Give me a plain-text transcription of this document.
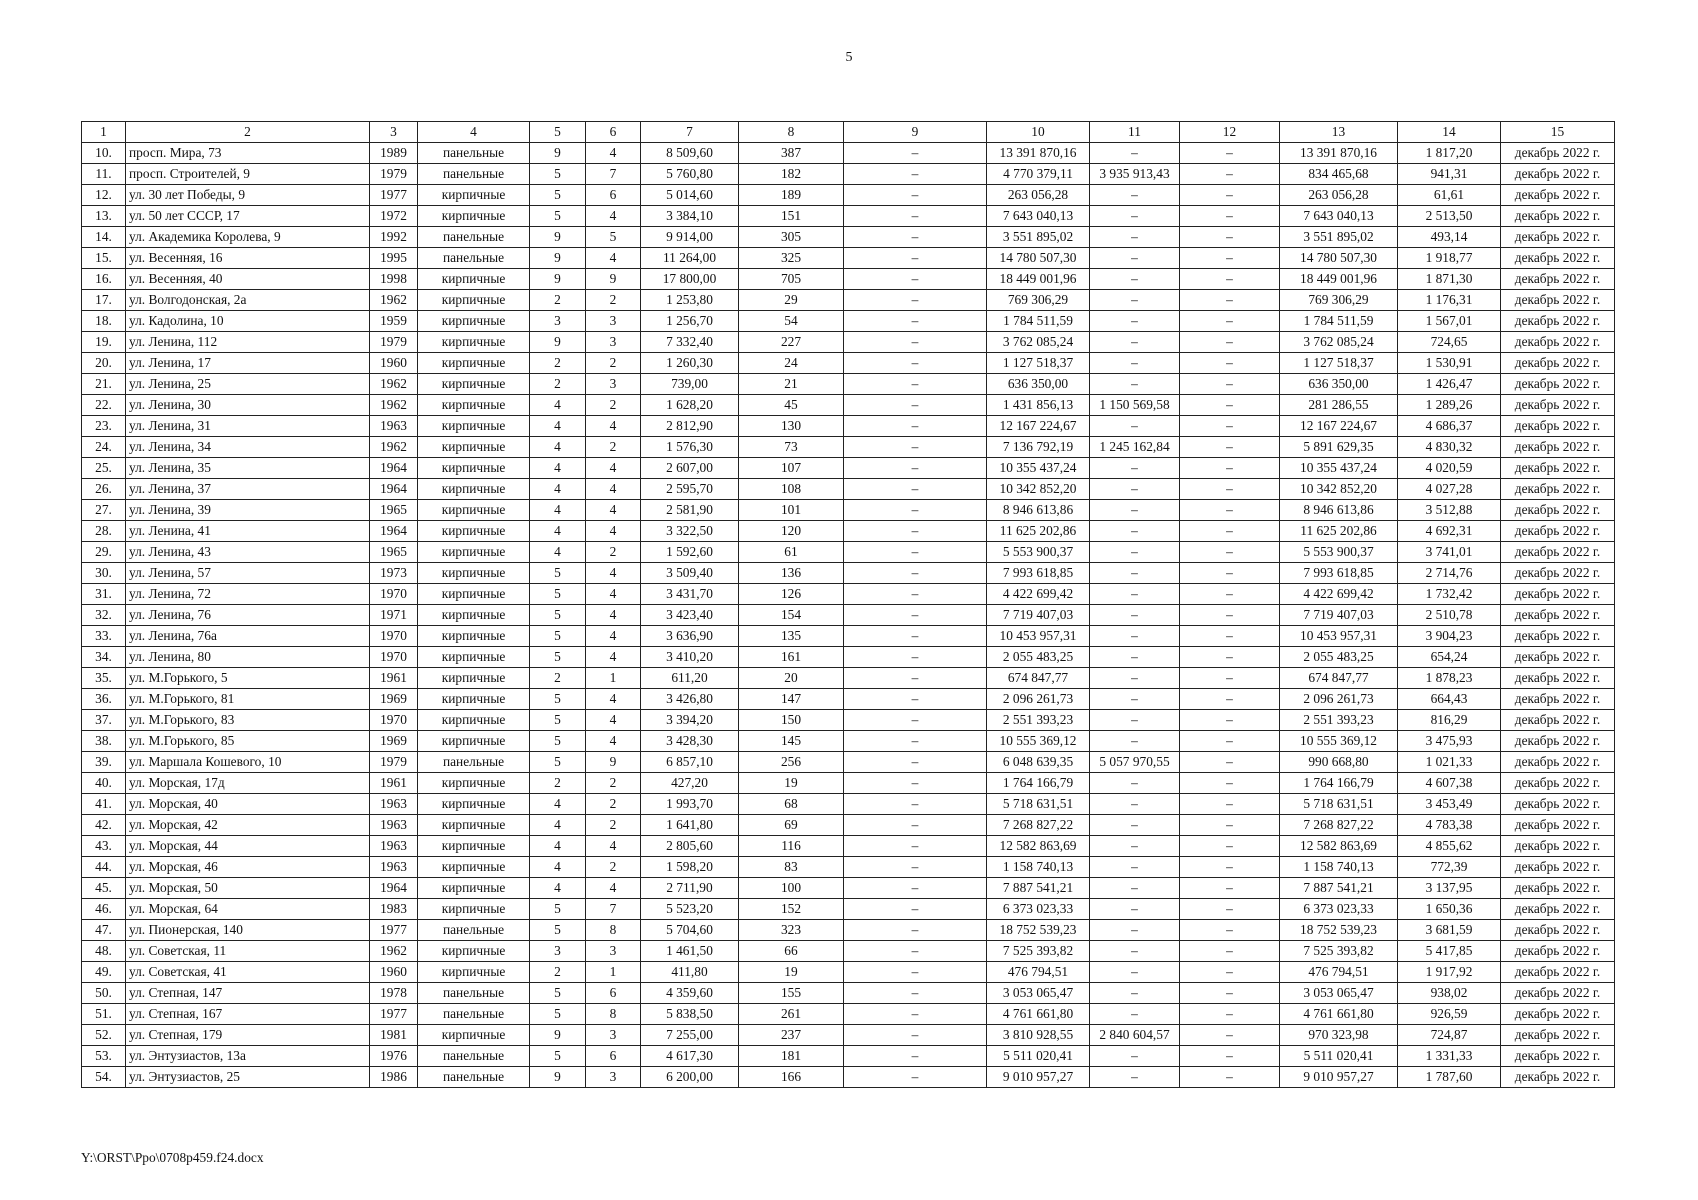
5
1	2	3	4	5	6	7	8	9	10	11	12	13	14	15
10.	просп. Мира, 73	1989	панельные	9	4	8 509,60	387	–	13 391 870,16	–	–	13 391 870,16	1 817,20	декабрь 2022 г.
11.	просп. Строителей, 9	1979	панельные	5	7	5 760,80	182	–	4 770 379,11	3 935 913,43	–	834 465,68	941,31	декабрь 2022 г.
12.	ул. 30 лет Победы, 9	1977	кирпичные	5	6	5 014,60	189	–	263 056,28	–	–	263 056,28	61,61	декабрь 2022 г.
13.	ул. 50 лет СССР, 17	1972	кирпичные	5	4	3 384,10	151	–	7 643 040,13	–	–	7 643 040,13	2 513,50	декабрь 2022 г.
14.	ул. Академика Королева, 9	1992	панельные	9	5	9 914,00	305	–	3 551 895,02	–	–	3 551 895,02	493,14	декабрь 2022 г.
15.	ул. Весенняя, 16	1995	панельные	9	4	11 264,00	325	–	14 780 507,30	–	–	14 780 507,30	1 918,77	декабрь 2022 г.
16.	ул. Весенняя, 40	1998	кирпичные	9	9	17 800,00	705	–	18 449 001,96	–	–	18 449 001,96	1 871,30	декабрь 2022 г.
17.	ул. Волгодонская, 2а	1962	кирпичные	2	2	1 253,80	29	–	769 306,29	–	–	769 306,29	1 176,31	декабрь 2022 г.
18.	ул. Кадолина, 10	1959	кирпичные	3	3	1 256,70	54	–	1 784 511,59	–	–	1 784 511,59	1 567,01	декабрь 2022 г.
19.	ул. Ленина, 112	1979	кирпичные	9	3	7 332,40	227	–	3 762 085,24	–	–	3 762 085,24	724,65	декабрь 2022 г.
20.	ул. Ленина, 17	1960	кирпичные	2	2	1 260,30	24	–	1 127 518,37	–	–	1 127 518,37	1 530,91	декабрь 2022 г.
21.	ул. Ленина, 25	1962	кирпичные	2	3	739,00	21	–	636 350,00	–	–	636 350,00	1 426,47	декабрь 2022 г.
22.	ул. Ленина, 30	1962	кирпичные	4	2	1 628,20	45	–	1 431 856,13	1 150 569,58	–	281 286,55	1 289,26	декабрь 2022 г.
23.	ул. Ленина, 31	1963	кирпичные	4	4	2 812,90	130	–	12 167 224,67	–	–	12 167 224,67	4 686,37	декабрь 2022 г.
24.	ул. Ленина, 34	1962	кирпичные	4	2	1 576,30	73	–	7 136 792,19	1 245 162,84	–	5 891 629,35	4 830,32	декабрь 2022 г.
25.	ул. Ленина, 35	1964	кирпичные	4	4	2 607,00	107	–	10 355 437,24	–	–	10 355 437,24	4 020,59	декабрь 2022 г.
26.	ул. Ленина, 37	1964	кирпичные	4	4	2 595,70	108	–	10 342 852,20	–	–	10 342 852,20	4 027,28	декабрь 2022 г.
27.	ул. Ленина, 39	1965	кирпичные	4	4	2 581,90	101	–	8 946 613,86	–	–	8 946 613,86	3 512,88	декабрь 2022 г.
28.	ул. Ленина, 41	1964	кирпичные	4	4	3 322,50	120	–	11 625 202,86	–	–	11 625 202,86	4 692,31	декабрь 2022 г.
29.	ул. Ленина, 43	1965	кирпичные	4	2	1 592,60	61	–	5 553 900,37	–	–	5 553 900,37	3 741,01	декабрь 2022 г.
30.	ул. Ленина, 57	1973	кирпичные	5	4	3 509,40	136	–	7 993 618,85	–	–	7 993 618,85	2 714,76	декабрь 2022 г.
31.	ул. Ленина, 72	1970	кирпичные	5	4	3 431,70	126	–	4 422 699,42	–	–	4 422 699,42	1 732,42	декабрь 2022 г.
32.	ул. Ленина, 76	1971	кирпичные	5	4	3 423,40	154	–	7 719 407,03	–	–	7 719 407,03	2 510,78	декабрь 2022 г.
33.	ул. Ленина, 76а	1970	кирпичные	5	4	3 636,90	135	–	10 453 957,31	–	–	10 453 957,31	3 904,23	декабрь 2022 г.
34.	ул. Ленина, 80	1970	кирпичные	5	4	3 410,20	161	–	2 055 483,25	–	–	2 055 483,25	654,24	декабрь 2022 г.
35.	ул. М.Горького, 5	1961	кирпичные	2	1	611,20	20	–	674 847,77	–	–	674 847,77	1 878,23	декабрь 2022 г.
36.	ул. М.Горького, 81	1969	кирпичные	5	4	3 426,80	147	–	2 096 261,73	–	–	2 096 261,73	664,43	декабрь 2022 г.
37.	ул. М.Горького, 83	1970	кирпичные	5	4	3 394,20	150	–	2 551 393,23	–	–	2 551 393,23	816,29	декабрь 2022 г.
38.	ул. М.Горького, 85	1969	кирпичные	5	4	3 428,30	145	–	10 555 369,12	–	–	10 555 369,12	3 475,93	декабрь 2022 г.
39.	ул. Маршала Кошевого, 10	1979	панельные	5	9	6 857,10	256	–	6 048 639,35	5 057 970,55	–	990 668,80	1 021,33	декабрь 2022 г.
40.	ул. Морская, 17д	1961	кирпичные	2	2	427,20	19	–	1 764 166,79	–	–	1 764 166,79	4 607,38	декабрь 2022 г.
41.	ул. Морская, 40	1963	кирпичные	4	2	1 993,70	68	–	5 718 631,51	–	–	5 718 631,51	3 453,49	декабрь 2022 г.
42.	ул. Морская, 42	1963	кирпичные	4	2	1 641,80	69	–	7 268 827,22	–	–	7 268 827,22	4 783,38	декабрь 2022 г.
43.	ул. Морская, 44	1963	кирпичные	4	4	2 805,60	116	–	12 582 863,69	–	–	12 582 863,69	4 855,62	декабрь 2022 г.
44.	ул. Морская, 46	1963	кирпичные	4	2	1 598,20	83	–	1 158 740,13	–	–	1 158 740,13	772,39	декабрь 2022 г.
45.	ул. Морская, 50	1964	кирпичные	4	4	2 711,90	100	–	7 887 541,21	–	–	7 887 541,21	3 137,95	декабрь 2022 г.
46.	ул. Морская, 64	1983	кирпичные	5	7	5 523,20	152	–	6 373 023,33	–	–	6 373 023,33	1 650,36	декабрь 2022 г.
47.	ул. Пионерская, 140	1977	панельные	5	8	5 704,60	323	–	18 752 539,23	–	–	18 752 539,23	3 681,59	декабрь 2022 г.
48.	ул. Советская, 11	1962	кирпичные	3	3	1 461,50	66	–	7 525 393,82	–	–	7 525 393,82	5 417,85	декабрь 2022 г.
49.	ул. Советская, 41	1960	кирпичные	2	1	411,80	19	–	476 794,51	–	–	476 794,51	1 917,92	декабрь 2022 г.
50.	ул. Степная, 147	1978	панельные	5	6	4 359,60	155	–	3 053 065,47	–	–	3 053 065,47	938,02	декабрь 2022 г.
51.	ул. Степная, 167	1977	панельные	5	8	5 838,50	261	–	4 761 661,80	–	–	4 761 661,80	926,59	декабрь 2022 г.
52.	ул. Степная, 179	1981	кирпичные	9	3	7 255,00	237	–	3 810 928,55	2 840 604,57	–	970 323,98	724,87	декабрь 2022 г.
53.	ул. Энтузиастов, 13а	1976	панельные	5	6	4 617,30	181	–	5 511 020,41	–	–	5 511 020,41	1 331,33	декабрь 2022 г.
54.	ул. Энтузиастов, 25	1986	панельные	9	3	6 200,00	166	–	9 010 957,27	–	–	9 010 957,27	1 787,60	декабрь 2022 г.
Y:\ORST\Ppo\0708p459.f24.docx
